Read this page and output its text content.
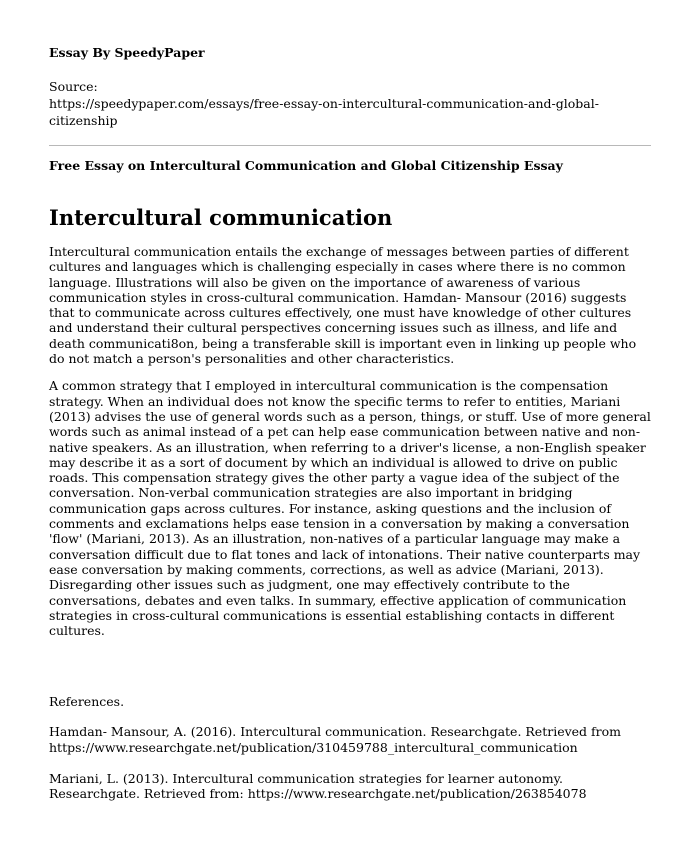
Essay By SpeedyPaper
Source:
https://speedypaper.com/essays/free-essay-on-intercultural-communication-and-global-citizenship
Free Essay on Intercultural Communication and Global Citizenship Essay
Intercultural communication

Intercultural communication entails the exchange of messages between parties of different cultures and languages which is challenging especially in cases where there is no common language. Illustrations will also be given on the importance of awareness of various communication styles in cross-cultural communication. Hamdan- Mansour (2016) suggests that to communicate across cultures effectively, one must have knowledge of other cultures and understand their cultural perspectives concerning issues such as illness, and life and death communicati8on, being a transferable skill is important even in linking up people who do not match a person's personalities and other characteristics.

A common strategy that I employed in intercultural communication is the compensation strategy. When an individual does not know the specific terms to refer to entities, Mariani (2013) advises the use of general words such as a person, things, or stuff. Use of more general words such as animal instead of a pet can help ease communication between native and non-native speakers. As an illustration, when referring to a driver's license, a non-English speaker may describe it as a sort of document by which an individual is allowed to drive on public roads. This compensation strategy gives the other party a vague idea of the subject of the conversation. Non-verbal communication strategies are also important in bridging communication gaps across cultures. For instance, asking questions and the inclusion of comments and exclamations helps ease tension in a conversation by making a conversation 'flow' (Mariani, 2013). As an illustration, non-natives of a particular language may make a conversation difficult due to flat tones and lack of intonations. Their native counterparts may ease conversation by making comments, corrections, as well as advice (Mariani, 2013). Disregarding other issues such as judgment, one may effectively contribute to the conversations, debates and even talks. In summary, effective application of communication strategies in cross-cultural communications is essential establishing contacts in different cultures.

References.

Hamdan- Mansour, A. (2016). Intercultural communication. Researchgate. Retrieved from https://www.researchgate.net/publication/310459788_intercultural_communication

Mariani, L. (2013). Intercultural communication strategies for learner autonomy. Researchgate. Retrieved from: https://www.researchgate.net/publication/263854078
